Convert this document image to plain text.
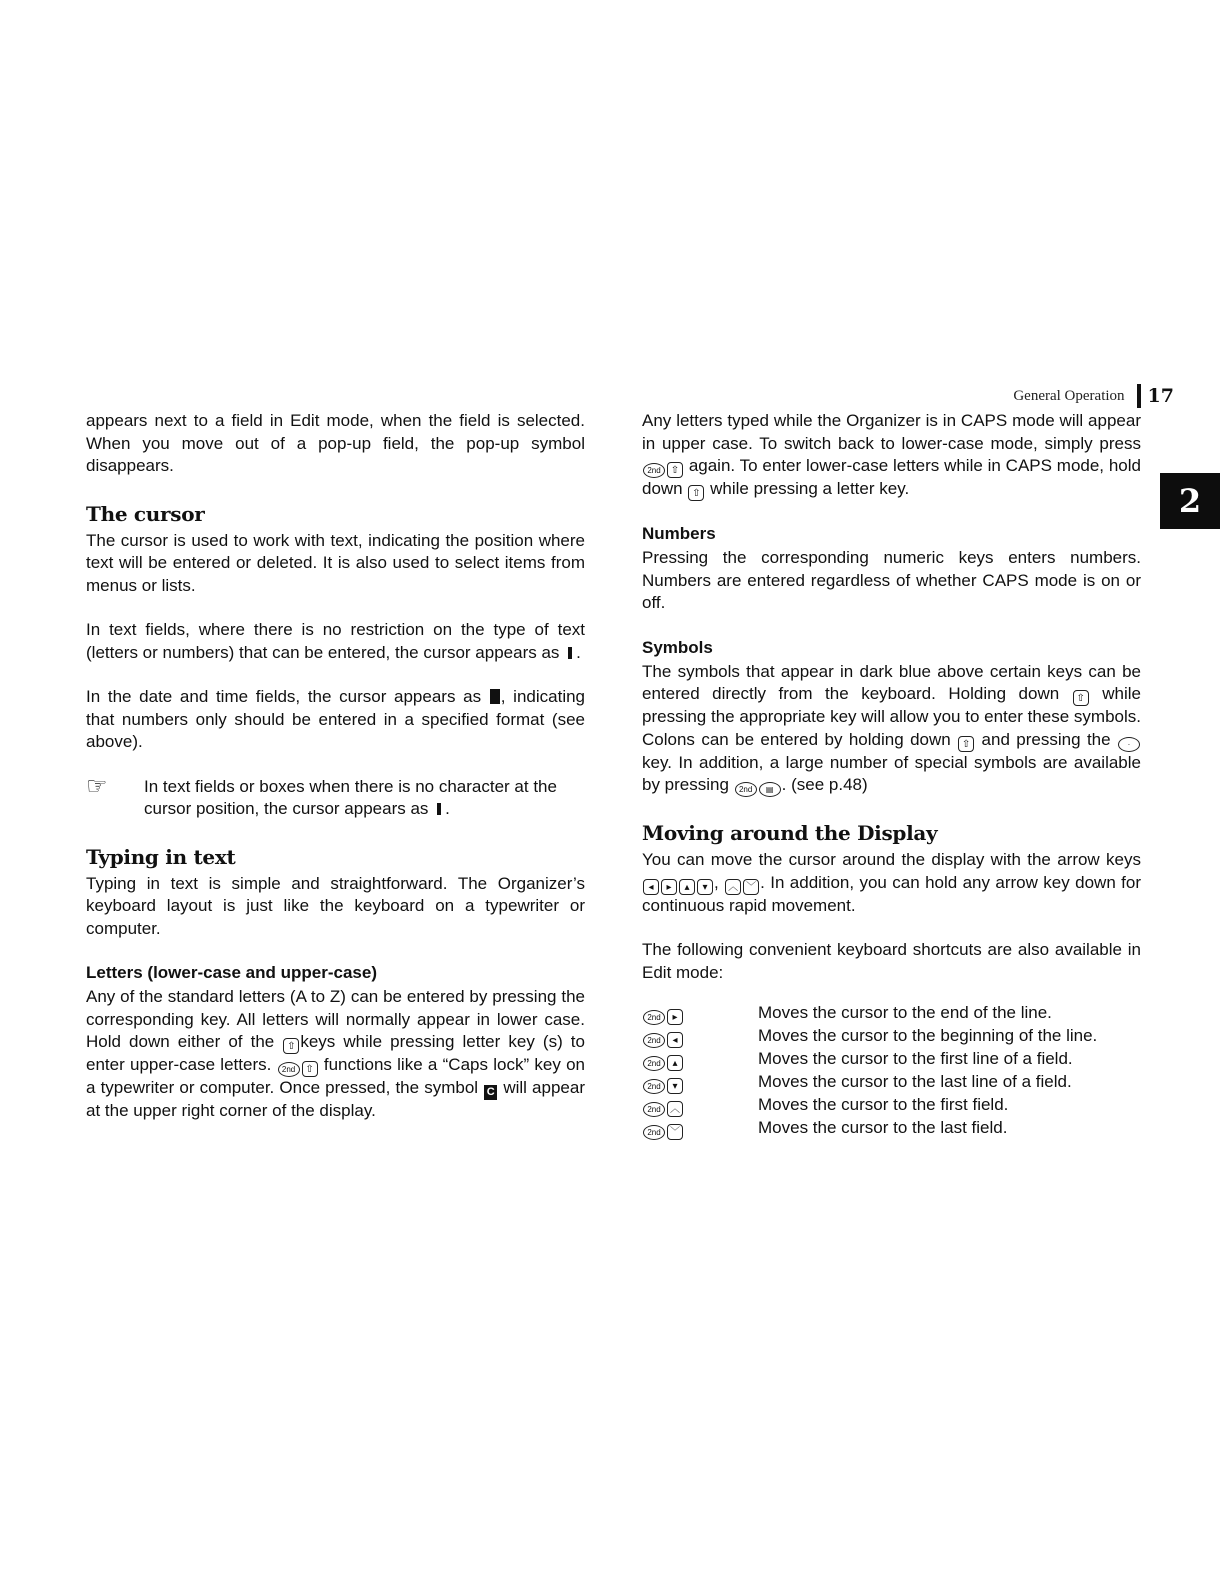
General Operation 17
2

appears next to a field in Edit mode, when the field is selected. When you move out of a pop-up field, the pop-up symbol disappears.

The cursor

The cursor is used to work with text, indicating the position where text will be entered or deleted. It is also used to select items from menus or lists.

In text fields, where there is no restriction on the type of text (letters or numbers) that can be entered, the cursor appears as .

In the date and time fields, the cursor appears as , indicating that numbers only should be entered in a specified format (see above).

☞	In text fields or boxes when there is no character at the cursor position, the cursor appears as .

Typing in text

Typing in text is simple and straightforward. The Organizer’s keyboard layout is just like the keyboard on a typewriter or computer.

Letters (lower-case and upper-case)

Any of the standard letters (A to Z) can be entered by pressing the corresponding key. All letters will normally appear in lower case. Hold down either of the ⇧ keys while pressing letter key (s) to enter upper-case letters. 2nd ⇧ functions like a “Caps lock” key on a typewriter or computer. Once pressed, the symbol C will appear at the upper right corner of the display.

Any letters typed while the Organizer is in CAPS mode will appear in upper case. To switch back to lower-case mode, simply press 2nd ⇧ again. To enter lower-case letters while in CAPS mode, hold down ⇧ while pressing a letter key.

Numbers

Pressing the corresponding numeric keys enters numbers. Numbers are entered regardless of whether CAPS mode is on or off.

Symbols

The symbols that appear in dark blue above certain keys can be entered directly from the keyboard. Holding down ⇧ while pressing the appropriate key will allow you to enter these symbols. Colons can be entered by holding down ⇧ and pressing the · key. In addition, a large number of special symbols are available by pressing 2nd ▤ . (see p.48)

Moving around the Display

You can move the cursor around the display with the arrow keys ◂ ▸ ▴ ▾ , ︿ ﹀ . In addition, you can hold any arrow key down for continuous rapid movement.

The following convenient keyboard shortcuts are also available in Edit mode:

2nd ▸	Moves the cursor to the end of the line.
2nd ◂	Moves the cursor to the beginning of the line.
2nd ▴	Moves the cursor to the first line of a field.
2nd ▾	Moves the cursor to the last line of a field.
2nd ︿	Moves the cursor to the first field.
2nd ﹀	Moves the cursor to the last field.
